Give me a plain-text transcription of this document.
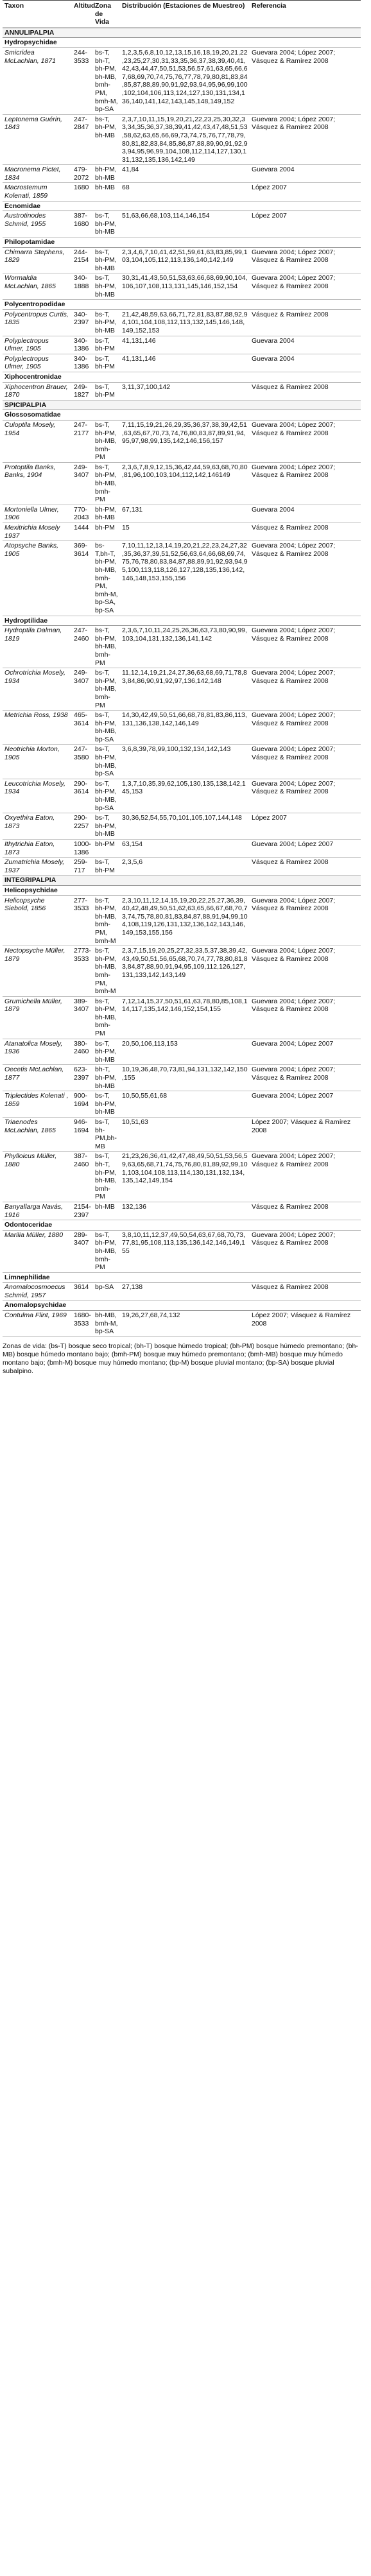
Taxon	Altitud	Zona de Vida	Distribución (Estaciones de Muestreo)	Referencia
ANNULIPALPIA				
Hydropsychidae				
Smicridea McLachlan, 1871	244-3533	bs-T, bh-T, bh-PM, bh-MB, bmh-PM, bmh-M, bp-SA	1,2,3,5,6,8,10,12,13,15,16,18,19,20,21,22,23,25,27,30,31,33,35,36,37,38,39,40,41,42,43,44,47,50,51,53,56,57,61,63,65,66,67,68,69,70,74,75,76,77,78,79,80,81,83,84,85,87,88,89,90,91,92,93,94,95,96,99,100,102,104,106,113,124,127,130,131,134,136,140,141,142,143,145,148,149,152	Guevara 2004; López 2007; Vásquez & Ramírez 2008
Leptonema Guérin, 1843	247-2847	bs-T, bh-PM, bh-MB	2,3,7,10,11,15,19,20,21,22,23,25,30,32,33,34,35,36,37,38,39,41,42,43,47,48,51,53,58,62,63,65,66,69,73,74,75,76,77,78,79,80,81,82,83,84,85,86,87,88,89,90,91,92,93,94,95,96,99,104,108,112,114,127,130,131,132,135,136,142,149	Guevara 2004; López 2007; Vásquez & Ramírez 2008
Macronema Pictet, 1834	479-2072	bh-PM, bh-MB	41,84	Guevara 2004
Macrostemum Kolenati, 1859	1680	bh-MB	68	López 2007
Ecnomidae				
Austrotinodes Schmid, 1955	387-1680	bs-T, bh-PM, bh-MB	51,63,66,68,103,114,146,154	López 2007
Philopotamidae				
Chimarra Stephens, 1829	244-2154	bs-T, bh-PM, bh-MB	2,3,4,6,7,10,41,42,51,59,61,63,83,85,99,103,104,105,112,113,136,140,142,149	Guevara 2004; López 2007; Vásquez & Ramírez 2008
Wormaldia McLachlan, 1865	340-1888	bs-T, bh-PM, bh-MB	30,31,41,43,50,51,53,63,66,68,69,90,104,106,107,108,113,131,145,146,152,154	Guevara 2004; López 2007; Vásquez & Ramírez 2008
Polycentropodidae				
Polycentropus Curtis, 1835	340-2397	bs-T, bh-PM, bh-MB	21,42,48,59,63,66,71,72,81,83,87,88,92,94,101,104,108,112,113,132,145,146,148,149,152,153	Vásquez & Ramírez 2008
Polyplectropus Ulmer, 1905	340-1386	bs-T, bh-PM	41,131,146	Guevara 2004
Polyplectropus Ulmer, 1905	340-1386	bs-T, bh-PM	41,131,146	Guevara 2004
Xiphocentronidae				
Xiphocentron Brauer, 1870	249-1827	bs-T, bh-PM	3,11,37,100,142	Vásquez & Ramírez 2008
SPICIPALPIA				
Glossosomatidae				
Culoptila Mosely, 1954	247-2177	bs-T, bh-PM, bh-MB, bmh-PM	7,11,15,19,21,26,29,35,36,37,38,39,42,51,63,65,67,70,73,74,76,80,83,87,89,91,94,95,97,98,99,135,142,146,156,157	Guevara 2004; López 2007; Vásquez & Ramírez 2008
Protoptila Banks, Banks, 1904	249-3407	bs-T, bh-PM, bh-MB, bmh-PM	2,3,6,7,8,9,12,15,36,42,44,59,63,68,70,80,81,96,100,103,104,112,142,146149	Guevara 2004; López 2007; Vásquez & Ramírez 2008
Mortoniella Ulmer, 1906	770-2043	bh-PM, bh-MB	67,131	Guevara 2004
Mexitrichia Mosely 1937	1444	bh-PM	15	Vásquez & Ramírez 2008
Atopsyche Banks, 1905	369-3614	bs-T,bh-T, bh-PM, bh-MB, bmh-PM, bmh-M, bp-SA, bp-SA	7,10,11,12,13,14,19,20,21,22,23,24,27,32,35,36,37,39,51,52,56,63,64,66,68,69,74,75,76,78,80,83,84,87,88,89,91,92,93,94,95,100,113,118,126,127,128,135,136,142,146,148,153,155,156	Guevara 2004; López 2007; Vásquez & Ramírez 2008
Hydroptilidae				
Hydroptila Dalman, 1819	247-2460	bs-T, bh-PM, bh-MB, bmh-PM	2,3,6,7,10,11,24,25,26,36,63,73,80,90,99,103,104,131,132,136,141,142	Guevara 2004; López 2007; Vásquez & Ramírez 2008
Ochrotrichia Mosely, 1934	249-3407	bs-T, bh-PM, bh-MB, bmh-PM	11,12,14,19,21,24,27,36,63,68,69,71,78,83,84,86,90,91,92,97,136,142,148	Guevara 2004; López 2007; Vásquez & Ramírez 2008
Metrichia Ross, 1938	465-3614	bs-T, bh-PM, bh-MB, bp-SA	14,30,42,49,50,51,66,68,78,81,83,86,113,131,136,138,142,146,149	Guevara 2004; López 2007; Vásquez & Ramírez 2008
Neotrichia Morton, 1905	247-3580	bs-T, bh-PM, bh-MB, bp-SA	3,6,8,39,78,99,100,132,134,142,143	Guevara 2004; López 2007; Vásquez & Ramírez 2008
Leucotrichia Mosely, 1934	290-3614	bs-T, bh-PM, bh-MB, bp-SA	1,3,7,10,35,39,62,105,130,135,138,142,145,153	Guevara 2004; López 2007; Vásquez & Ramírez 2008
Oxyethira Eaton, 1873	290-2257	bs-T, bh-PM, bh-MB	30,36,52,54,55,70,101,105,107,144,148	López 2007
Ithytrichia Eaton, 1873	1000-1386	bh-PM	63,154	Guevara 2004; López 2007
Zumatrichia Mosely, 1937	259-717	bs-T, bh-PM	2,3,5,6	Vásquez & Ramírez 2008
INTEGRIPALPIA				
Helicopsychidae				
Helicopsyche Siebold, 1856	277-3533	bs-T, bh-PM, bh-MB, bmh-PM, bmh-M	2,3,10,11,12,14,15,19,20,22,25,27,36,39,40,42,48,49,50,51,62,63,65,66,67,68,70,73,74,75,78,80,81,83,84,87,88,91,94,99,104,108,119,126,131,132,136,142,143,146,149,153,155,156	Guevara 2004; López 2007; Vásquez & Ramírez 2008
Nectopsyche Müller, 1879	2773-3533	bs-T, bh-PM, bh-MB, bmh-PM, bmh-M	2,3,7,15,19,20,25,27,32,33,5,37,38,39,42,43,49,50,51,56,65,68,70,74,77,78,80,81,83,84,87,88,90,91,94,95,109,112,126,127,131,133,142,143,149	Guevara 2004; López 2007; Vásquez & Ramírez 2008
Grumichella Müller, 1879	389-3407	bs-T, bh-PM, bh-MB, bmh-PM	7,12,14,15,37,50,51,61,63,78,80,85,108,114,117,135,142,146,152,154,155	Guevara 2004; López 2007; Vásquez & Ramírez 2008
Atanatolica Mosely, 1936	380-2460	bs-T, bh-PM, bh-MB	20,50,106,113,153	Guevara 2004; López 2007
Oecetis McLachlan, 1877	623-2397	bh-T, bh-PM, bh-MB	10,19,36,48,70,73,81,94,131,132,142,150,155	Guevara 2004; López 2007; Vásquez & Ramírez 2008
Triplectides Kolenati , 1859	900-1694	bs-T, bh-PM, bh-MB	10,50,55,61,68	Guevara 2004; López 2007
Triaenodes McLachlan, 1865	946-1694	bs-T, bh-PM,bh-MB	10,51,63	López 2007; Vásquez & Ramírez 2008
Phylloicus Müller, 1880	387-2460	bs-T, bh-T, bh-PM, bh-MB, bmh-PM	21,23,26,36,41,42,47,48,49,50,51,53,56,59,63,65,68,71,74,75,76,80,81,89,92,99,101,103,104,108,113,114,130,131,132,134,135,142,149,154	Guevara 2004; López 2007; Vásquez & Ramírez 2008
Banyallarga Navás, 1916	2154-2397	bh-MB	132,136	Vásquez & Ramírez 2008
Odontoceridae				
Marilia Müller, 1880	289-3407	bs-T, bh-PM, bh-MB, bmh-PM	3,8,10,11,12,37,49,50,54,63,67,68,70,73,77,81,95,108,113,135,136,142,146,149,155	Guevara 2004; López 2007; Vásquez & Ramírez 2008
Limnephilidae				
Anomalocosmoecus Schmid, 1957	3614	bp-SA	27,138	Vásquez & Ramírez 2008
Anomalopsychidae				
Contulma Flint, 1969	1680-3533	bh-MB, bmh-M, bp-SA	19,26,27,68,74,132	López 2007; Vásquez & Ramírez 2008

Zonas de vida: (bs-T) bosque seco tropical; (bh-T) bosque húmedo tropical; (bh-PM) bosque húmedo premontano; (bh-MB) bosque húmedo montano bajo; (bmh-PM) bosque muy húmedo premontano; (bmh-MB) bosque muy húmedo montano bajo; (bmh-M) bosque muy húmedo montano; (bp-M) bosque pluvial montano; (bp-SA) bosque pluvial subalpino.
